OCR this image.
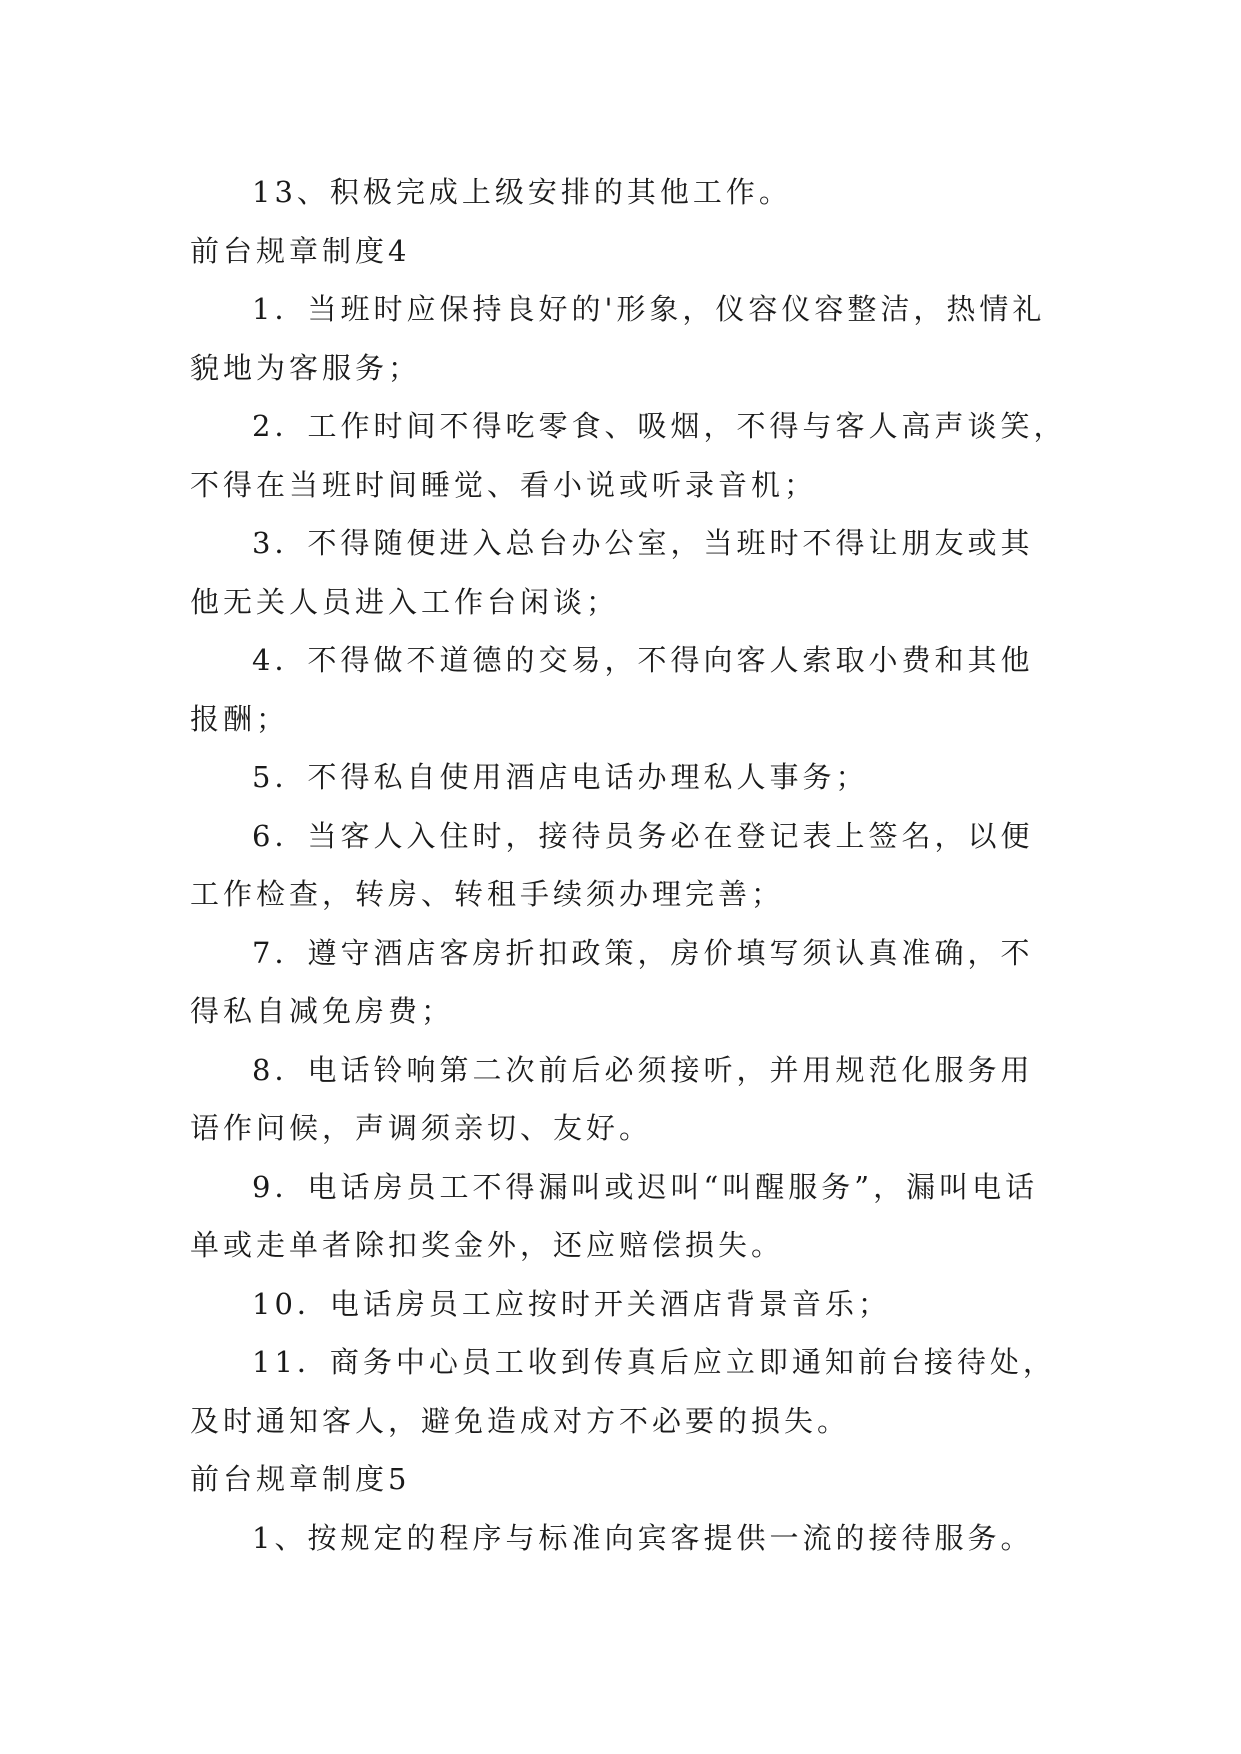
13、积极完成上级安排的其他工作。
前台规章制度4
1．当班时应保持良好的'形象，仪容仪容整洁，热情礼
貌地为客服务；
2．工作时间不得吃零食、吸烟，不得与客人高声谈笑，
不得在当班时间睡觉、看小说或听录音机；
3．不得随便进入总台办公室，当班时不得让朋友或其
他无关人员进入工作台闲谈；
4．不得做不道德的交易，不得向客人索取小费和其他
报酬；
5．不得私自使用酒店电话办理私人事务；
6．当客人入住时，接待员务必在登记表上签名，以便
工作检查，转房、转租手续须办理完善；
7．遵守酒店客房折扣政策，房价填写须认真准确，不
得私自减免房费；
8．电话铃响第二次前后必须接听，并用规范化服务用
语作问候，声调须亲切、友好。
9．电话房员工不得漏叫或迟叫“叫醒服务”，漏叫电话
单或走单者除扣奖金外，还应赔偿损失。
10．电话房员工应按时开关酒店背景音乐；
11．商务中心员工收到传真后应立即通知前台接待处，
及时通知客人，避免造成对方不必要的损失。
前台规章制度5
1、按规定的程序与标准向宾客提供一流的接待服务。
